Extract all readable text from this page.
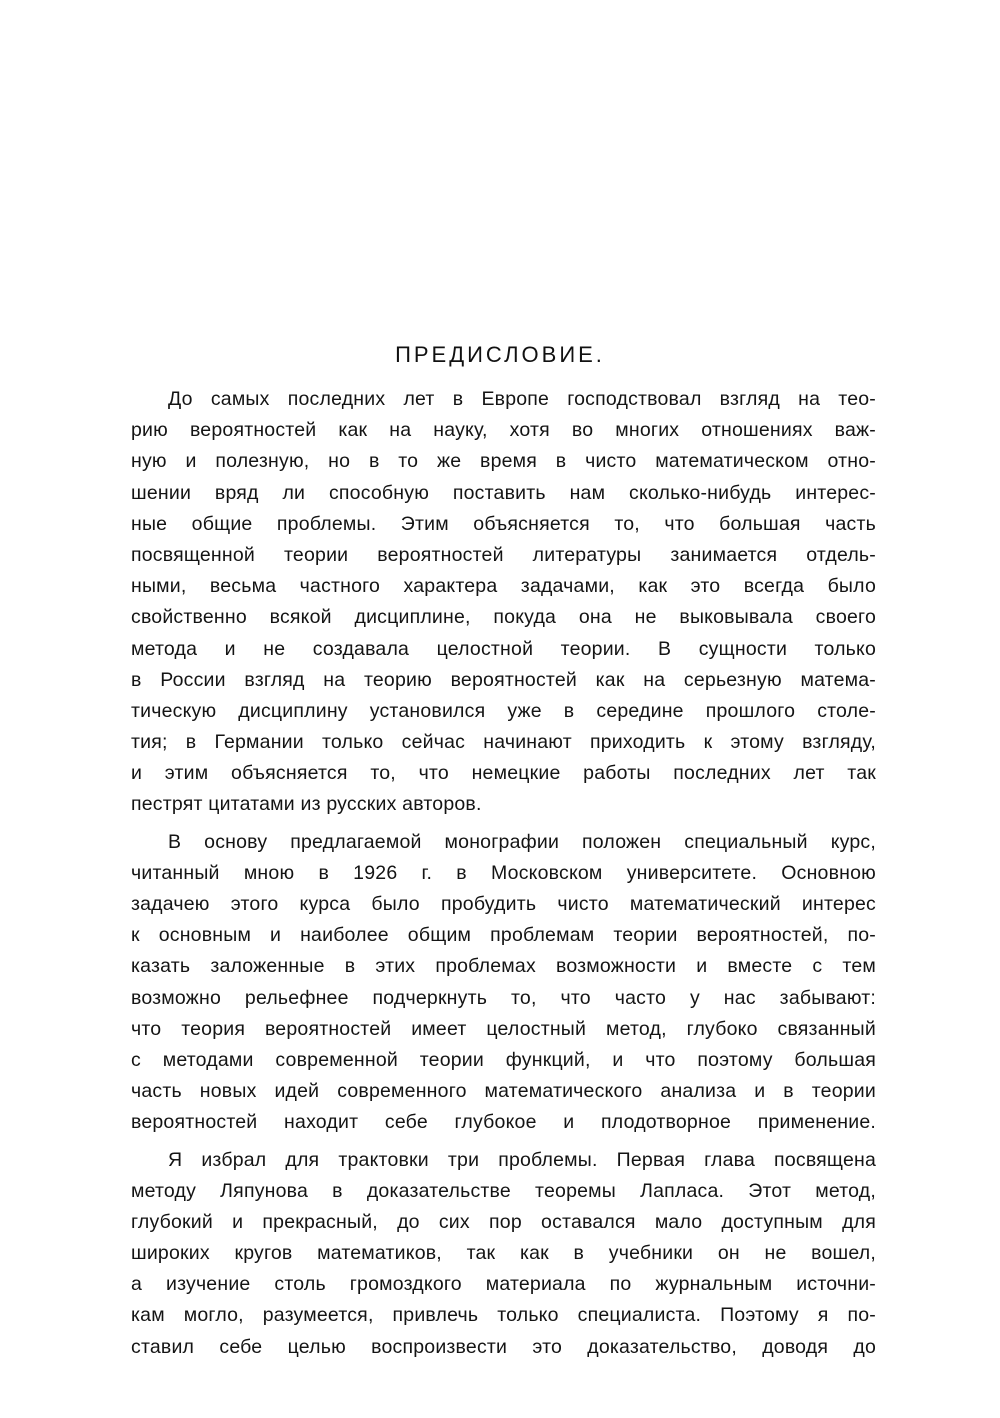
ПРЕДИСЛОВИЕ.
До самых последних лет в Европе господствовал взгляд на тео-
рию вероятностей как на науку, хотя во многих отношениях важ-
ную и полезную, но в то же время в чисто математическом отно-
шении вряд ли способную поставить нам сколько-нибудь интерес-
ные общие проблемы. Этим объясняется то, что большая часть
посвященной теории вероятностей литературы занимается отдель-
ными, весьма частного характера задачами, как это всегда было
свойственно всякой дисциплине, покуда она не выковывала своего
метода и не создавала целостной теории. В сущности только
в России взгляд на теорию вероятностей как на серьезную матема-
тическую дисциплину установился уже в середине прошлого столе-
тия; в Германии только сейчас начинают приходить к этому взгляду,
и этим объясняется то, что немецкие работы последних лет так
пестрят цитатами из русских авторов.
В основу предлагаемой монографии положен специальный курс,
читанный мною в 1926 г. в Московском университете. Основною
задачею этого курса было пробудить чисто математический интерес
к основным и наиболее общим проблемам теории вероятностей, по-
казать заложенные в этих проблемах возможности и вместе с тем
возможно рельефнее подчеркнуть то, что часто у нас забывают:
что теория вероятностей имеет целостный метод, глубоко связанный
с методами современной теории функций, и что поэтому большая
часть новых идей современного математического анализа и в теории
вероятностей находит себе глубокое и плодотворное применение.
Я избрал для трактовки три проблемы. Первая глава посвящена
методу Ляпунова в доказательстве теоремы Лапласа. Этот метод,
глубокий и прекрасный, до сих пор оставался мало доступным для
широких кругов математиков, так как в учебники он не вошел,
а изучение столь громоздкого материала по журнальным источни-
кам могло, разумеется, привлечь только специалиста. Поэтому я по-
ставил себе целью воспроизвести это доказательство, доводя до
